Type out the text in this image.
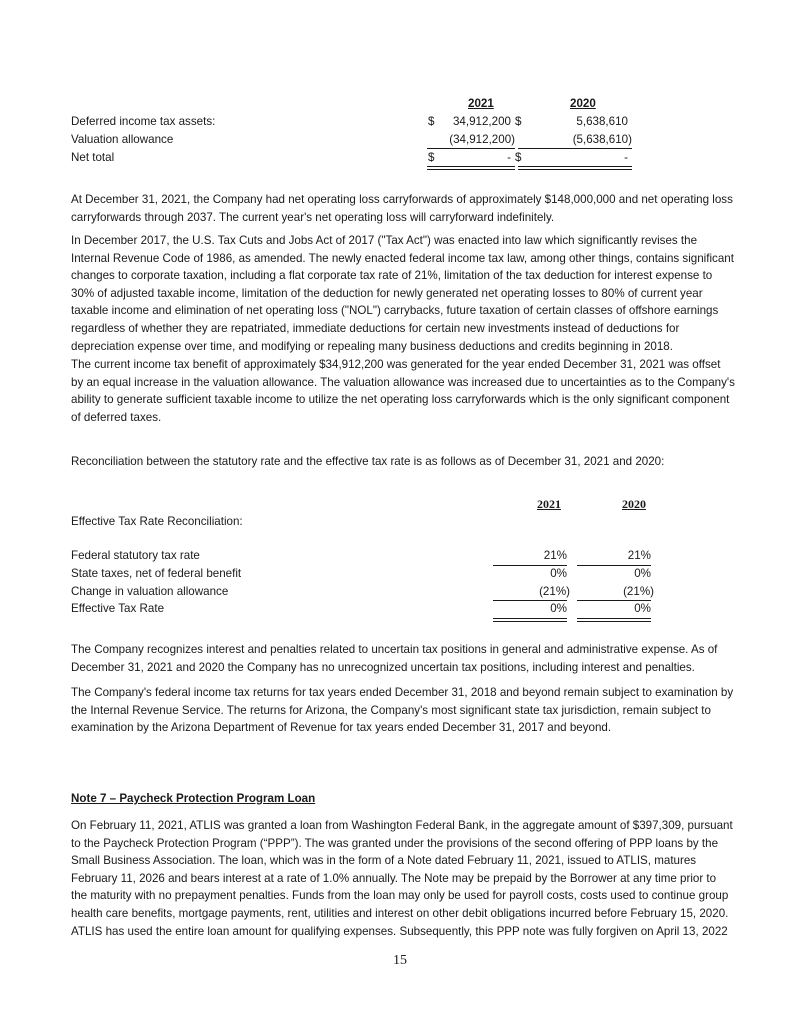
2021	2020
Deferred income tax assets:	$ 34,912,200 $	5,638,610
Valuation allowance	(34,912,200)	(5,638,610)
Net total	$	- $	-

At December 31, 2021, the Company had net operating loss carryforwards of approximately $148,000,000 and net operating loss carryforwards through 2037. The current year's net operating loss will carryforward indefinitely.

In December 2017, the U.S. Tax Cuts and Jobs Act of 2017 ("Tax Act") was enacted into law which significantly revises the Internal Revenue Code of 1986, as amended. The newly enacted federal income tax law, among other things, contains significant changes to corporate taxation, including a flat corporate tax rate of 21%, limitation of the tax deduction for interest expense to 30% of adjusted taxable income, limitation of the deduction for newly generated net operating losses to 80% of current year taxable income and elimination of net operating loss ("NOL") carrybacks, future taxation of certain classes of offshore earnings regardless of whether they are repatriated, immediate deductions for certain new investments instead of deductions for depreciation expense over time, and modifying or repealing many business deductions and credits beginning in 2018.

The current income tax benefit of approximately $34,912,200 was generated for the year ended December 31, 2021 was offset by an equal increase in the valuation allowance. The valuation allowance was increased due to uncertainties as to the Company's ability to generate sufficient taxable income to utilize the net operating loss carryforwards which is the only significant component of deferred taxes.

Reconciliation between the statutory rate and the effective tax rate is as follows as of December 31, 2021 and 2020:

2021	2020
Effective Tax Rate Reconciliation:
Federal statutory tax rate	21%	21%
State taxes, net of federal benefit	0%	0%
Change in valuation allowance	(21%)	(21%)
Effective Tax Rate	0%	0%

The Company recognizes interest and penalties related to uncertain tax positions in general and administrative expense. As of December 31, 2021 and 2020 the Company has no unrecognized uncertain tax positions, including interest and penalties.

The Company's federal income tax returns for tax years ended December 31, 2018 and beyond remain subject to examination by the Internal Revenue Service. The returns for Arizona, the Company's most significant state tax jurisdiction, remain subject to examination by the Arizona Department of Revenue for tax years ended December 31, 2017 and beyond.

Note 7 – Paycheck Protection Program Loan

On February 11, 2021, ATLIS was granted a loan from Washington Federal Bank, in the aggregate amount of $397,309, pursuant to the Paycheck Protection Program (“PPP”). The was granted under the provisions of the second offering of PPP loans by the Small Business Association. The loan, which was in the form of a Note dated February 11, 2021, issued to ATLIS, matures February 11, 2026 and bears interest at a rate of 1.0% annually. The Note may be prepaid by the Borrower at any time prior to the maturity with no prepayment penalties. Funds from the loan may only be used for payroll costs, costs used to continue group health care benefits, mortgage payments, rent, utilities and interest on other debit obligations incurred before February 15, 2020. ATLIS has used the entire loan amount for qualifying expenses. Subsequently, this PPP note was fully forgiven on April 13, 2022

15
